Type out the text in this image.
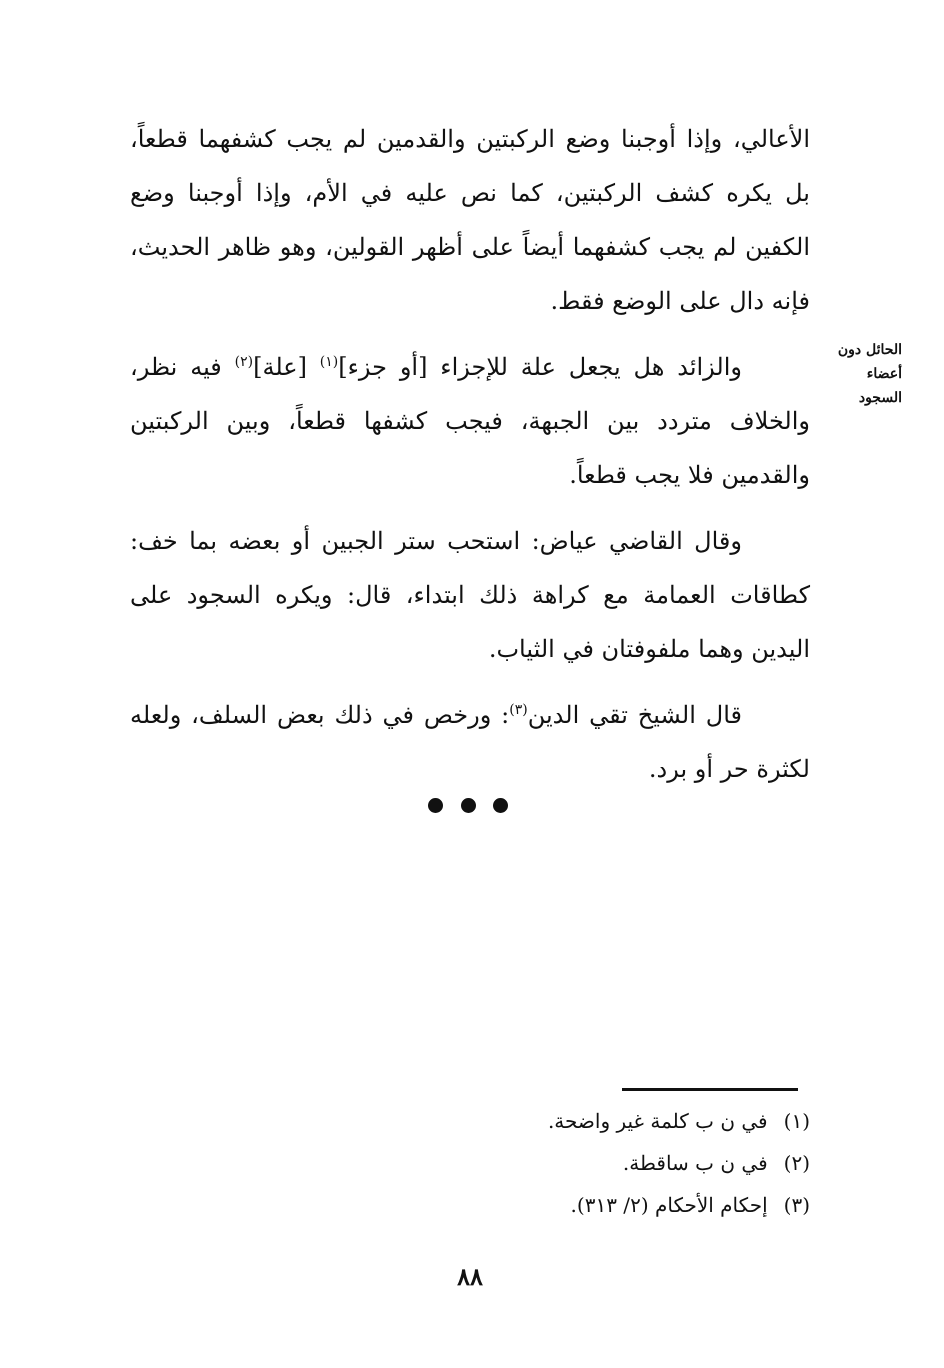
الأعالي، وإذا أوجبنا وضع الركبتين والقدمين لم يجب كشفهما قطعاً، بل يكره كشف الركبتين، كما نص عليه في الأم، وإذا أوجبنا وضع الكفين لم يجب كشفهما أيضاً على أظهر القولين، وهو ظاهر الحديث، فإنه دال على الوضع فقط.

والزائد هل يجعل علة للإجزاء [أو جزء]$^{(١)}$ [علة]$^{(٢)}$ فيه نظر، والخلاف متردد بين الجبهة، فيجب كشفها قطعاً، وبين الركبتين والقدمين فلا يجب قطعاً.

وقال القاضي عياض: استحب ستر الجبين أو بعضه بما خف: كطاقات العمامة مع كراهة ذلك ابتداء، قال: ويكره السجود على اليدين وهما ملفوفتان في الثياب.

قال الشيخ تقي الدين$^{(٣)}$: ورخص في ذلك بعض السلف، ولعله لكثرة حر أو برد.

الحائل دون
أعضاء
السجود
(١)في ن ب كلمة غير واضحة.
(٢)في ن ب ساقطة.
(٣)إحكام الأحكام (٢/ ٣١٣).
٨٨
